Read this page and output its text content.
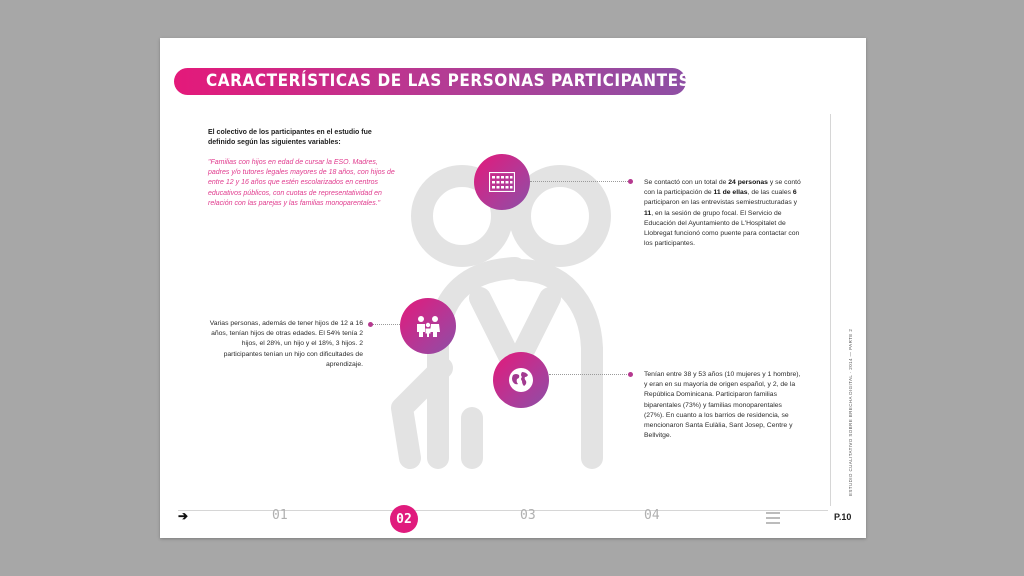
CARACTERÍSTICAS DE LAS PERSONAS PARTICIPANTES
El colectivo de los participantes en el estudio fue definido según las siguientes variables:
"Familias con hijos en edad de cursar la ESO. Madres, padres y/o tutores legales mayores de 18 años, con hijos de entre 12 y 16 años que estén escolarizados en centros educativos públicos, con cuotas de representatividad en relación con las parejas y las familias monoparentales."
Se contactó con un total de 24 personas y se contó con la participación de 11 de ellas, de las cuales 6 participaron en las entrevistas semiestructuradas y 11, en la sesión de grupo focal. El Servicio de Educación del Ayuntamiento de L'Hospitalet de Llobregat funcionó como puente para contactar con los participantes.
Varias personas, además de tener hijos de 12 a 16 años, tenían hijos de otras edades. El 54% tenía 2 hijos, el 28%, un hijo y el 18%, 3 hijos. 2 participantes tenían un hijo con dificultades de aprendizaje.
Tenían entre 38 y 53 años (10 mujeres y 1 hombre), y eran en su mayoría de origen español, y 2, de la República Dominicana. Participaron familias biparentales (73%) y familias monoparentales (27%). En cuanto a los barrios de residencia, se mencionaron Santa Eulàlia, Sant Josep, Centre y Bellvitge.	ESTUDIO CUALITATIVO SOBRE BRECHA DIGITAL · 2014 — PARTE 2
➔	01	02	03	04	P.10
